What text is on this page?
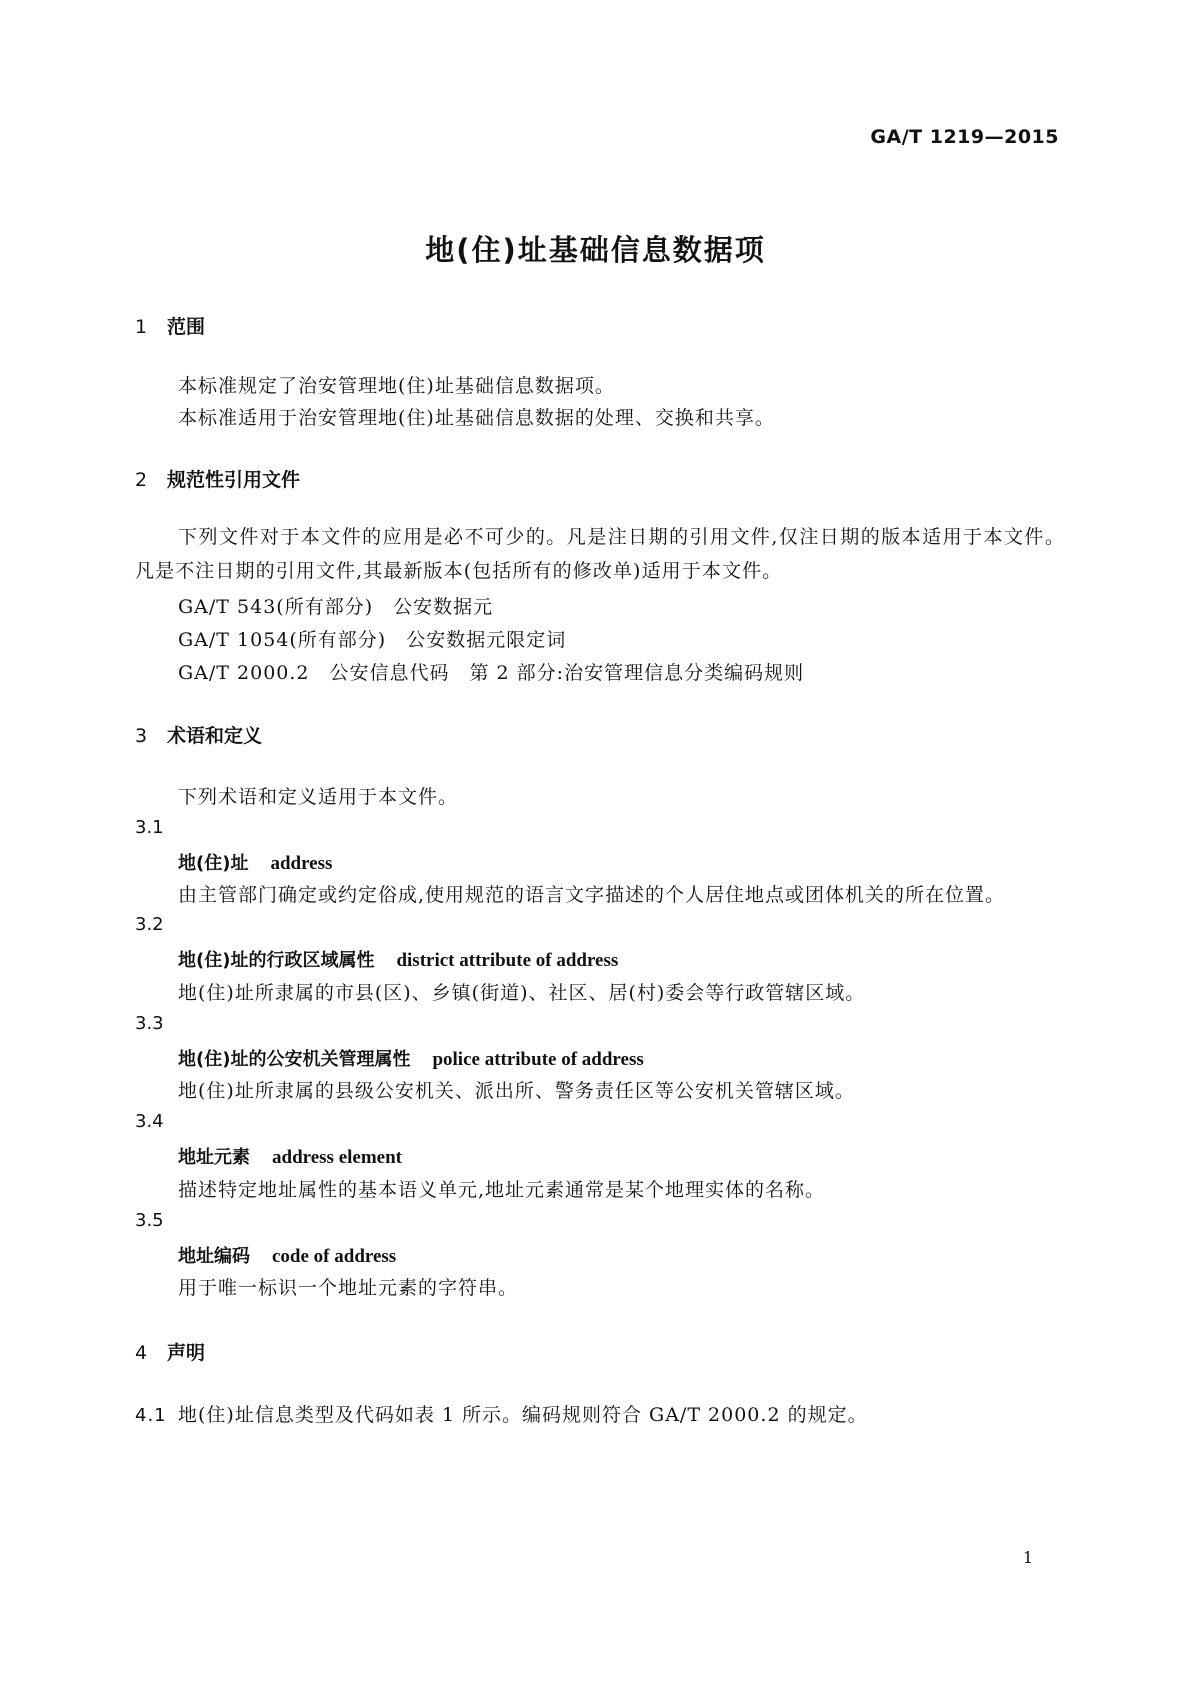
GA/T 1219—2015
地(住)址基础信息数据项
1 范围
本标准规定了治安管理地(住)址基础信息数据项。
本标准适用于治安管理地(住)址基础信息数据的处理、交换和共享。
2 规范性引用文件
下列文件对于本文件的应用是必不可少的。凡是注日期的引用文件,仅注日期的版本适用于本文件。凡是不注日期的引用文件,其最新版本(包括所有的修改单)适用于本文件。
GA/T 543(所有部分)　公安数据元
GA/T 1054(所有部分)　公安数据元限定词
GA/T 2000.2　公安信息代码　第 2 部分:治安管理信息分类编码规则
3 术语和定义
下列术语和定义适用于本文件。
3.1
地(住)址 address
由主管部门确定或约定俗成,使用规范的语言文字描述的个人居住地点或团体机关的所在位置。
3.2
地(住)址的行政区域属性 district attribute of address
地(住)址所隶属的市县(区)、乡镇(街道)、社区、居(村)委会等行政管辖区域。
3.3
地(住)址的公安机关管理属性 police attribute of address
地(住)址所隶属的县级公安机关、派出所、警务责任区等公安机关管辖区域。
3.4
地址元素 address element
描述特定地址属性的基本语义单元,地址元素通常是某个地理实体的名称。
3.5
地址编码 code of address
用于唯一标识一个地址元素的字符串。
4 声明
4.1 地(住)址信息类型及代码如表 1 所示。编码规则符合 GA/T 2000.2 的规定。
1
